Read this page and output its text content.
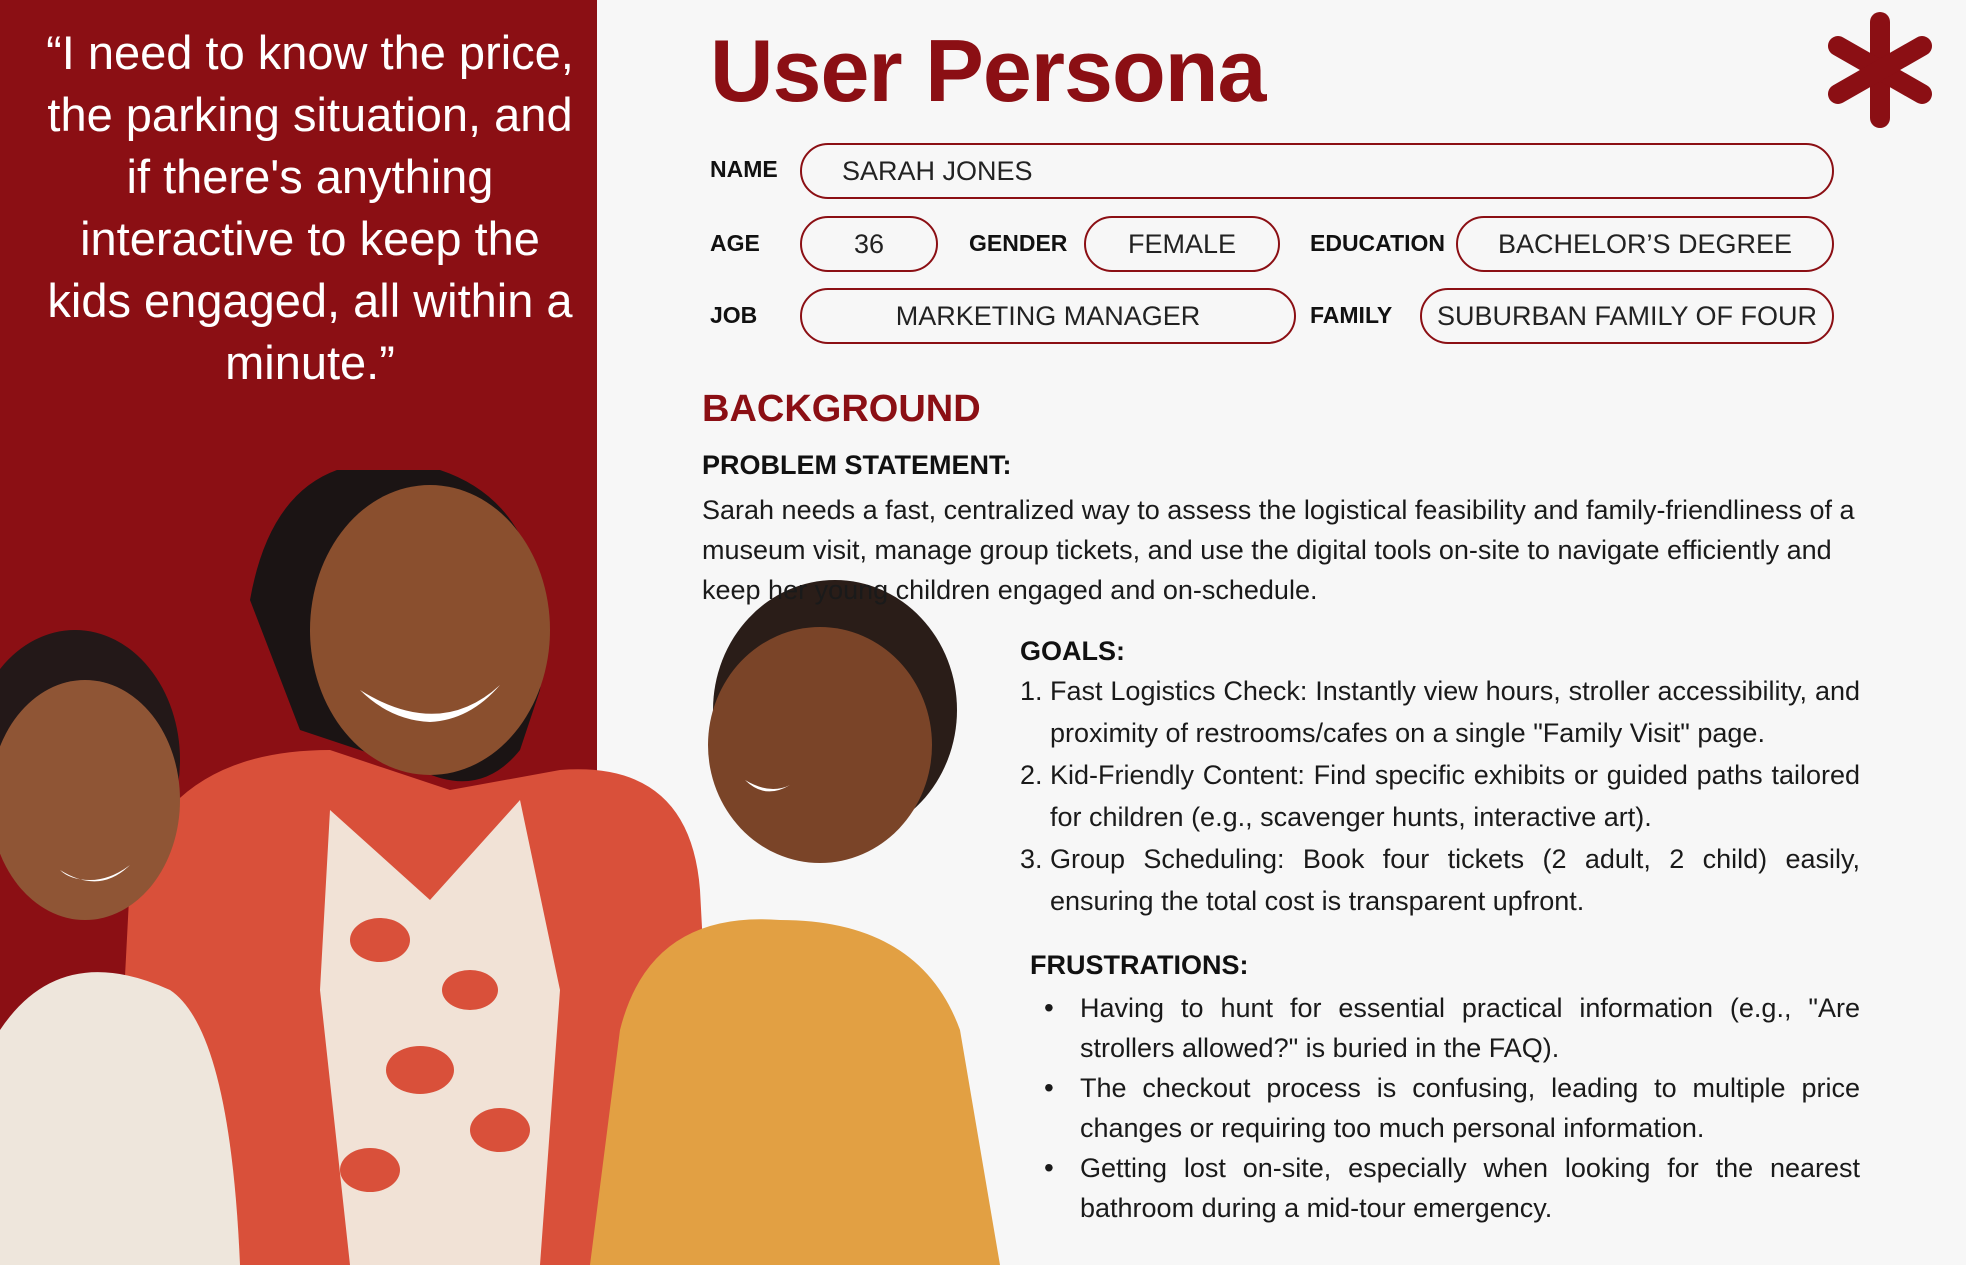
“I need to know the price, the parking situation, and if there's anything interactive to keep the kids engaged, all within a minute.”

User Persona
NAME	SARAH JONES
AGE	36	GENDER	FEMALE	EDUCATION	BACHELOR’S DEGREE
JOB	MARKETING MANAGER	FAMILY	SUBURBAN FAMILY OF FOUR
BACKGROUND
PROBLEM STATEMENT:

Sarah needs a fast, centralized way to assess the logistical feasibility and family-friendliness of a museum visit, manage group tickets, and use the digital tools on-site to navigate efficiently and keep her young children engaged and on-schedule.

GOALS:
1. Fast Logistics Check: Instantly view hours, stroller accessibility, and proximity of restrooms/cafes on a single "Family Visit" page.
2. Kid-Friendly Content: Find specific exhibits or guided paths tailored for children (e.g., scavenger hunts, interactive art).
3. Group Scheduling: Book four tickets (2 adult, 2 child) easily, ensuring the total cost is transparent upfront.
FRUSTRATIONS:
• Having to hunt for essential practical information (e.g., "Are strollers allowed?" is buried in the FAQ).
• The checkout process is confusing, leading to multiple price changes or requiring too much personal information.
• Getting lost on-site, especially when looking for the nearest bathroom during a mid-tour emergency.
